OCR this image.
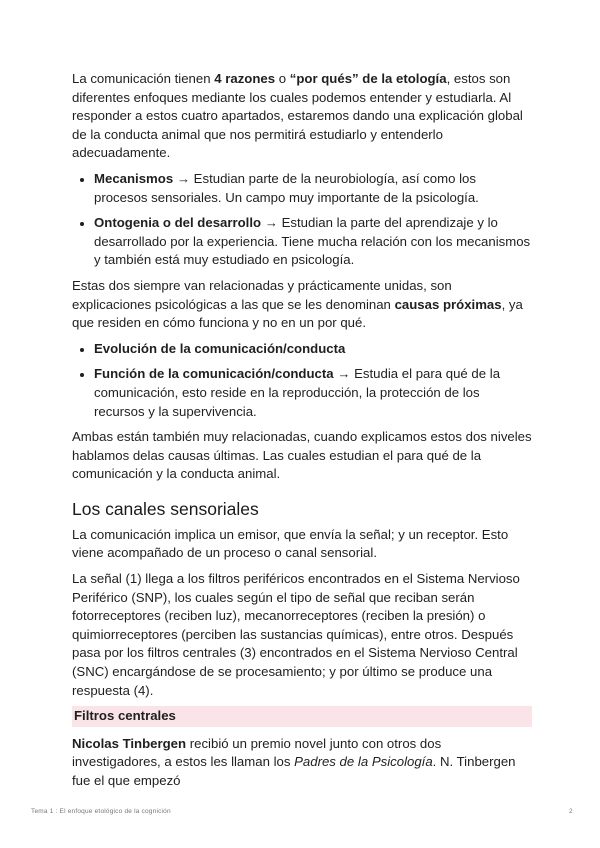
La comunicación tienen 4 razones o “por qués” de la etología, estos son diferentes enfoques mediante los cuales podemos entender y estudiarla. Al responder a estos cuatro apartados, estaremos dando una explicación global de la conducta animal que nos permitirá estudiarlo y entenderlo adecuadamente.

• Mecanismos → Estudian parte de la neurobiología, así como los procesos sensoriales. Un campo muy importante de la psicología.
• Ontogenia o del desarrollo → Estudian la parte del aprendizaje y lo desarrollado por la experiencia. Tiene mucha relación con los mecanismos y también está muy estudiado en psicología.

Estas dos siempre van relacionadas y prácticamente unidas, son explicaciones psicológicas a las que se les denominan causas próximas, ya que residen en cómo funciona y no en un por qué.

• Evolución de la comunicación/conducta
• Función de la comunicación/conducta → Estudia el para qué de la comunicación, esto reside en la reproducción, la protección de los recursos y la supervivencia.

Ambas están también muy relacionadas, cuando explicamos estos dos niveles hablamos delas causas últimas. Las cuales estudian el para qué de la comunicación y la conducta animal.

Los canales sensoriales

La comunicación implica un emisor, que envía la señal; y un receptor. Esto viene acompañado de un proceso o canal sensorial.

La señal (1) llega a los filtros periféricos encontrados en el Sistema Nervioso Periférico (SNP), los cuales según el tipo de señal que reciban serán fotorreceptores (reciben luz), mecanorreceptores (reciben la presión) o quimiorreceptores (perciben las sustancias químicas), entre otros. Después pasa por los filtros centrales (3) encontrados en el Sistema Nervioso Central (SNC) encargándose de se procesamiento; y por último se produce una respuesta (4).

Filtros centrales

Nicolas Tinbergen recibió un premio novel junto con otros dos investigadores, a estos les llaman los Padres de la Psicología. N. Tinbergen fue el que empezó

Tema 1 : El enfoque etológico de la cognición	2
